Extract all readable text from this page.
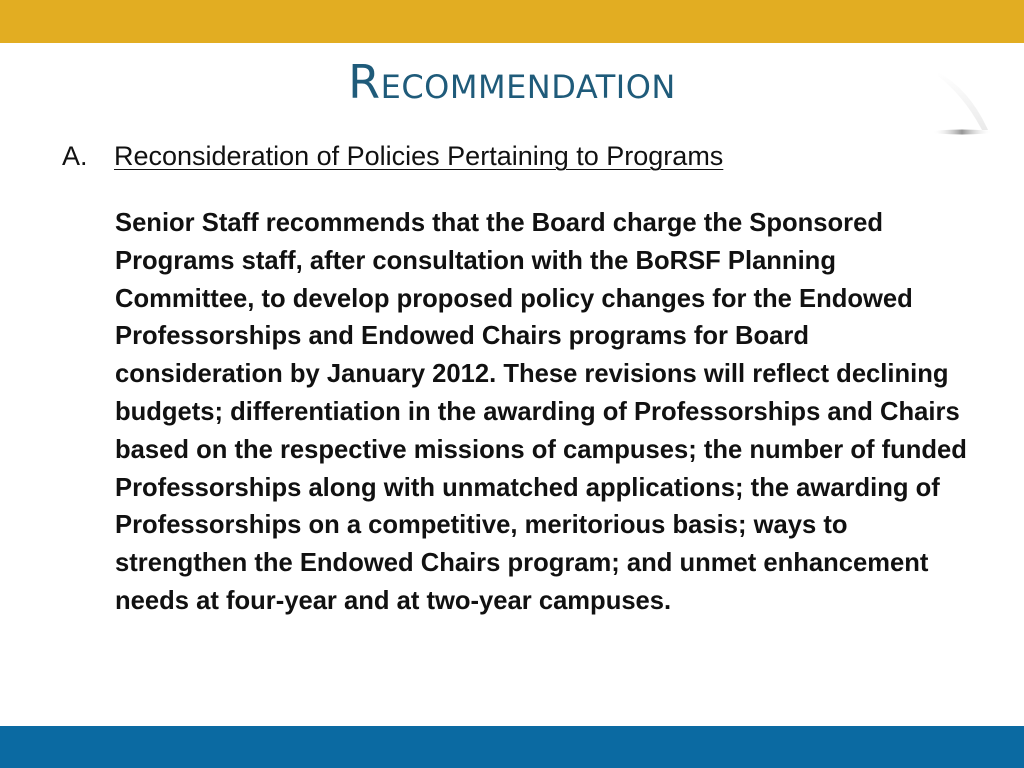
Recommendation
A. Reconsideration of Policies Pertaining to Programs

Senior Staff recommends that the Board charge the Sponsored Programs staff, after consultation with the BoRSF Planning Committee, to develop proposed policy changes for the Endowed Professorships and Endowed Chairs programs for Board consideration by January 2012. These revisions will reflect declining budgets; differentiation in the awarding of Professorships and Chairs based on the respective missions of campuses; the number of funded Professorships along with unmatched applications; the awarding of Professorships on a competitive, meritorious basis; ways to strengthen the Endowed Chairs program; and unmet enhancement needs at four-year and at two-year campuses.
